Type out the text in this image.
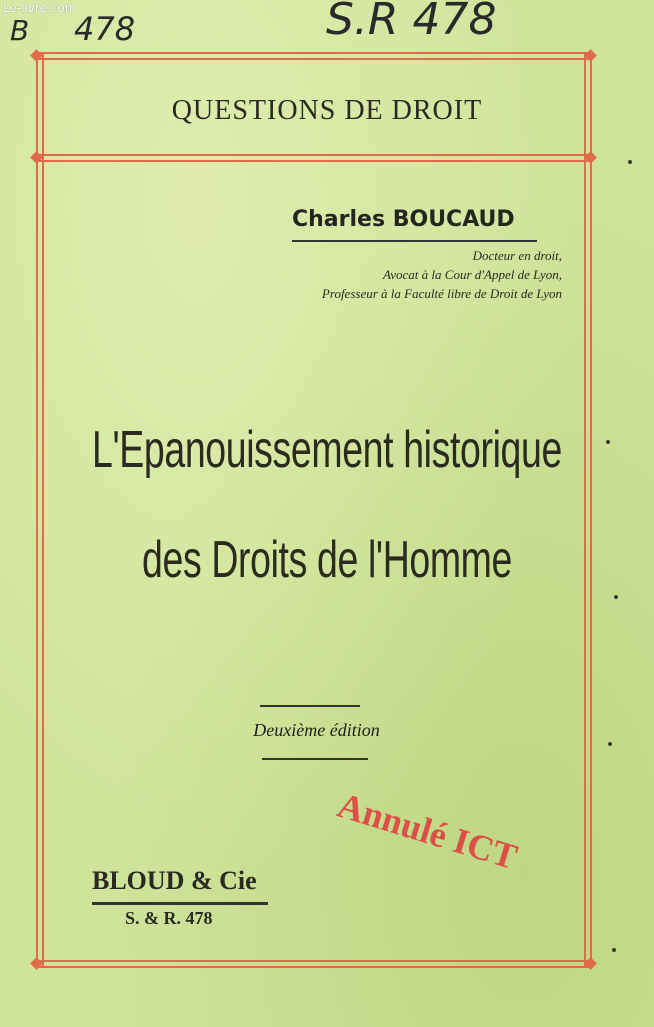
Le-livre.com
B 478	S.R 478
QUESTIONS DE DROIT
Charles BOUCAUD
Docteur en droit,
Avocat à la Cour d'Appel de Lyon,
Professeur à la Faculté libre de Droit de Lyon
L'Epanouissement historique
des Droits de l'Homme
Deuxième édition
Annulé ICT
BLOUD & Cie
S. & R. 478
